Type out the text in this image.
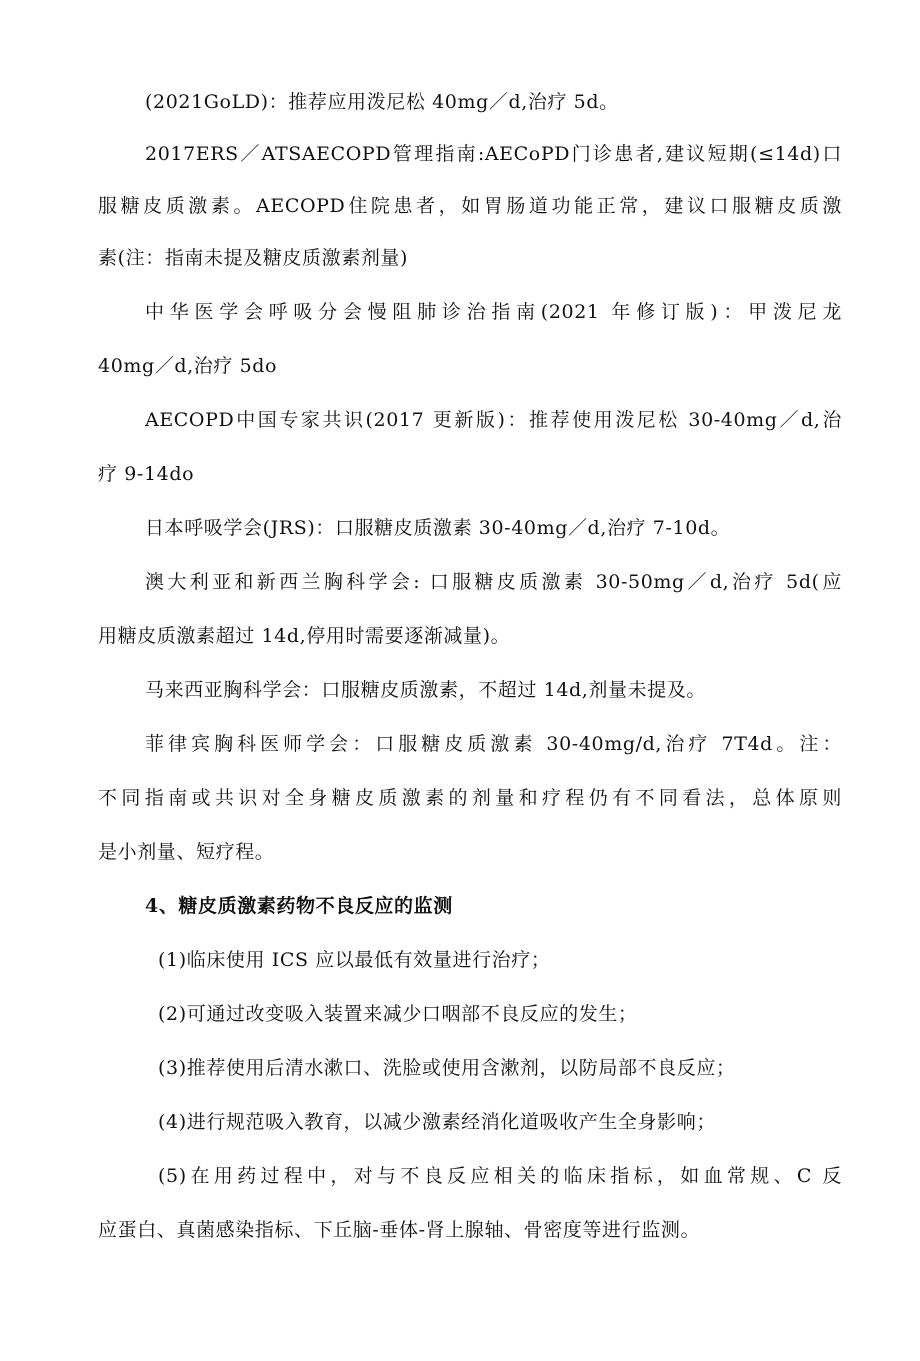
(2021GoLD)：推荐应用泼尼松 40mg／d,治疗 5d。
2017ERS／ATSAECOPD管理指南:AECoPD门诊患者,建议短期(≤14d)口
服糖皮质激素。AECOPD住院患者，如胃肠道功能正常，建议口服糖皮质激
素(注：指南未提及糖皮质激素剂量)
中华医学会呼吸分会慢阻肺诊治指南(2021 年修订版)：甲泼尼龙
40mg／d,治疗 5do
AECOPD中国专家共识(2017 更新版)：推荐使用泼尼松 30-40mg／d,治
疗 9-14do
日本呼吸学会(JRS)：口服糖皮质激素 30-40mg／d,治疗 7-10d。
澳大利亚和新西兰胸科学会: 口服糖皮质激素 30-50mg／d,治疗 5d(应
用糖皮质激素超过 14d,停用时需要逐渐减量)。
马来西亚胸科学会：口服糖皮质激素，不超过 14d,剂量未提及。
菲律宾胸科医师学会：口服糖皮质激素 30-40mg/d,治疗 7T4d。注：
不同指南或共识对全身糖皮质激素的剂量和疗程仍有不同看法，总体原则
是小剂量、短疗程。
4、糖皮质激素药物不良反应的监测
(1)临床使用 ICS 应以最低有效量进行治疗；
(2)可通过改变吸入装置来减少口咽部不良反应的发生；
(3)推荐使用后清水漱口、洗脸或使用含漱剂，以防局部不良反应；
(4)进行规范吸入教育，以减少激素经消化道吸收产生全身影响；
(5)在用药过程中，对与不良反应相关的临床指标，如血常规、C 反
应蛋白、真菌感染指标、下丘脑-垂体-肾上腺轴、骨密度等进行监测。
